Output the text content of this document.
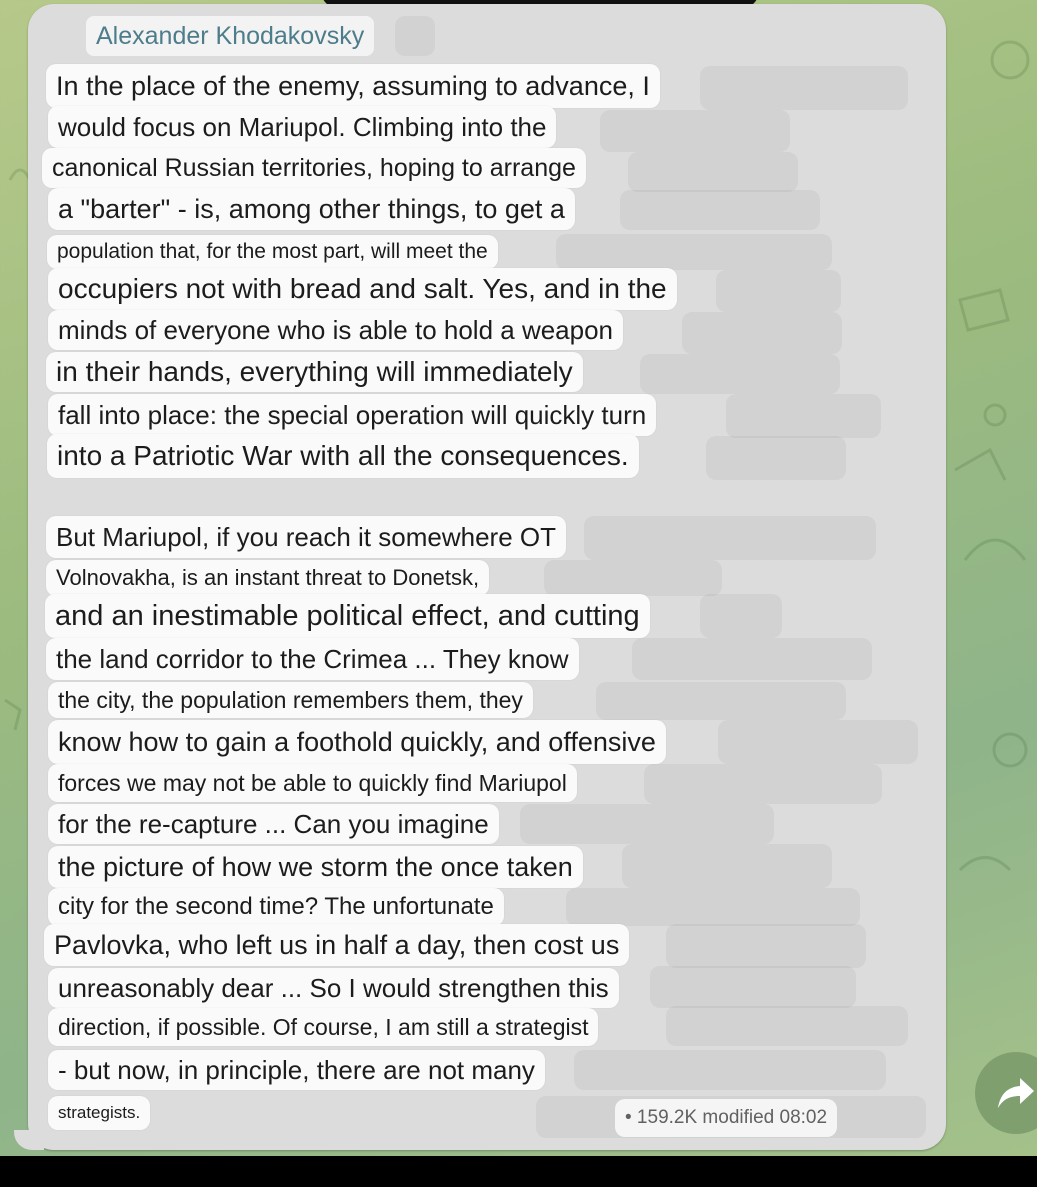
Alexander Khodakovsky
In the place of the enemy, assuming to advance, I
would focus on Mariupol. Climbing into the
canonical Russian territories, hoping to arrange
a "barter" - is, among other things, to get a
population that, for the most part, will meet the
occupiers not with bread and salt. Yes, and in the
minds of everyone who is able to hold a weapon
in their hands, everything will immediately
fall into place: the special operation will quickly turn
into a Patriotic War with all the consequences.
But Mariupol, if you reach it somewhere OT
Volnovakha, is an instant threat to Donetsk,
and an inestimable political effect, and cutting
the land corridor to the Crimea ... They know
the city, the population remembers them, they
know how to gain a foothold quickly, and offensive
forces we may not be able to quickly find Mariupol
for the re-capture ... Can you imagine
the picture of how we storm the once taken
city for the second time? The unfortunate
Pavlovka, who left us in half a day, then cost us
unreasonably dear ... So I would strengthen this
direction, if possible. Of course, I am still a strategist
- but now, in principle, there are not many
strategists.	• 159.2K modified 08:02
